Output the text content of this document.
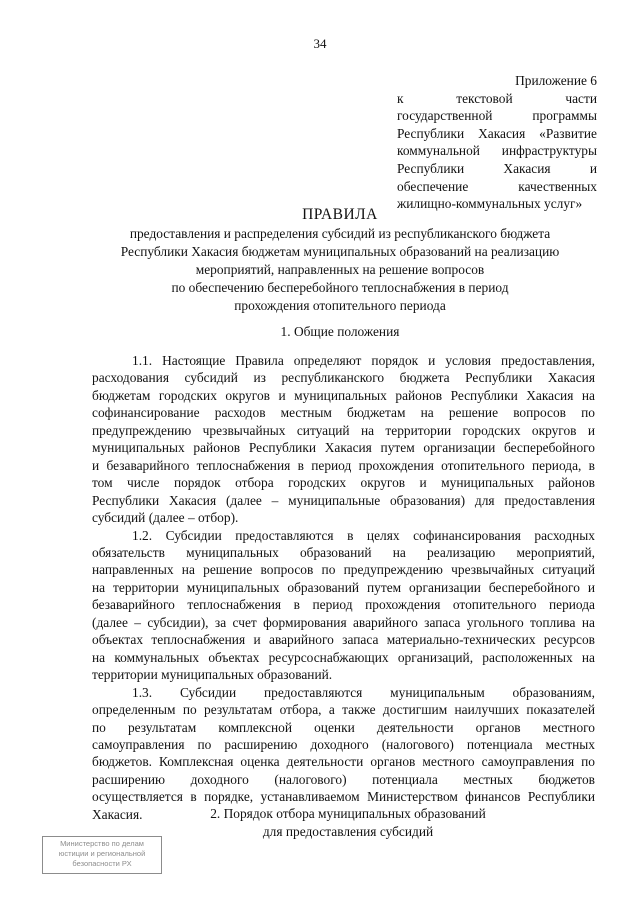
34
Приложение 6
к текстовой части
государственной программы
Республики Хакасия «Развитие
коммунальной инфраструктуры
Республики Хакасия и
обеспечение качественных
жилищно-коммунальных услуг»
ПРАВИЛА
предоставления и распределения субсидий из республиканского бюджета
Республики Хакасия бюджетам муниципальных образований на реализацию
мероприятий, направленных на решение вопросов
по обеспечению бесперебойного теплоснабжения в период
прохождения отопительного периода
1. Общие положения
1.1. Настоящие Правила определяют порядок и условия предоставления,
расходования субсидий из республиканского бюджета Республики Хакасия
бюджетам городских округов и муниципальных районов Республики Хакасия на
софинансирование расходов местным бюджетам на решение вопросов по
предупреждению чрезвычайных ситуаций на территории городских округов и
муниципальных районов Республики Хакасия путем организации бесперебойного
и безаварийного теплоснабжения в период прохождения отопительного периода, в
том числе порядок отбора городских округов и муниципальных районов
Республики Хакасия (далее – муниципальные образования) для предоставления
субсидий (далее – отбор).
1.2. Субсидии предоставляются в целях софинансирования расходных
обязательств муниципальных образований на реализацию мероприятий,
направленных на решение вопросов по предупреждению чрезвычайных ситуаций
на территории муниципальных образований путем организации бесперебойного и
безаварийного теплоснабжения в период прохождения отопительного периода
(далее – субсидии), за счет формирования аварийного запаса угольного топлива на
объектах теплоснабжения и аварийного запаса материально-технических ресурсов
на коммунальных объектах ресурсоснабжающих организаций, расположенных на
территории муниципальных образований.
1.3. Субсидии предоставляются муниципальным образованиям,
определенным по результатам отбора, а также достигшим наилучших показателей
по результатам комплексной оценки деятельности органов местного
самоуправления по расширению доходного (налогового) потенциала местных
бюджетов. Комплексная оценка деятельности органов местного самоуправления по
расширению доходного (налогового) потенциала местных бюджетов
осуществляется в порядке, устанавливаемом Министерством финансов Республики
Хакасия.	2. Порядок отбора муниципальных образований
для предоставления субсидий
Министерство по делам
юстиции и региональной
безопасности РХ
